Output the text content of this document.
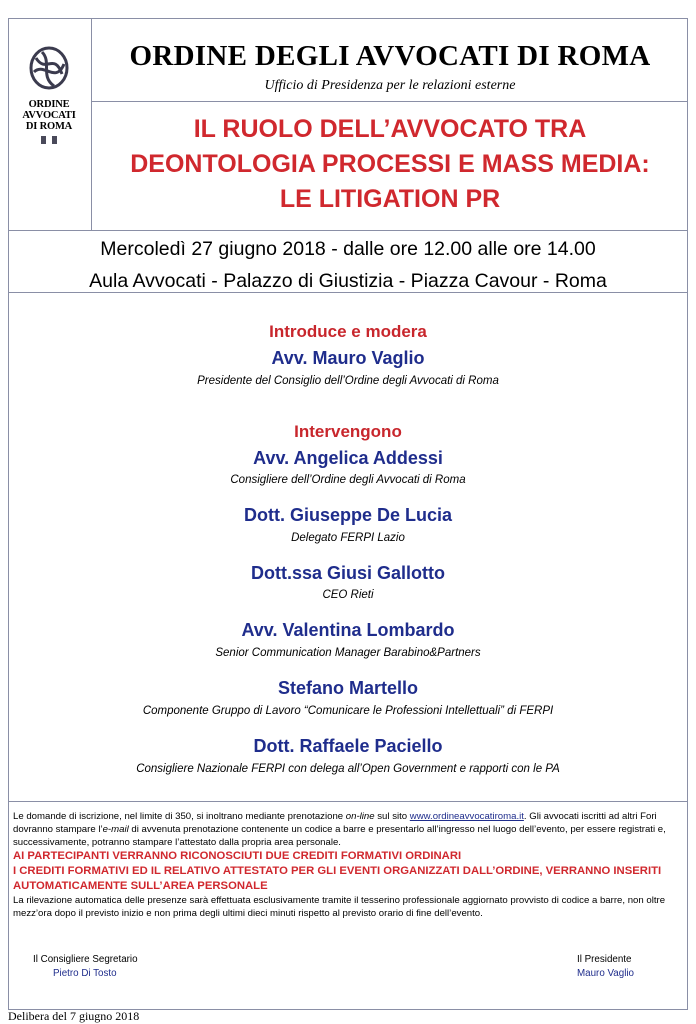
ORDINE
AVVOCATI
DI ROMA
ORDINE DEGLI AVVOCATI DI ROMA
Ufficio di Presidenza per le relazioni esterne
IL RUOLO DELL’AVVOCATO TRA
DEONTOLOGIA PROCESSI E MASS MEDIA:
LE LITIGATION PR
Mercoledì 27 giugno 2018 - dalle ore 12.00 alle ore 14.00
Aula Avvocati - Palazzo di Giustizia - Piazza Cavour - Roma
Introduce e modera
Avv. Mauro Vaglio
Presidente del Consiglio dell’Ordine degli Avvocati di Roma
Intervengono
Avv. Angelica Addessi
Consigliere dell’Ordine degli Avvocati di Roma
Dott. Giuseppe De Lucia
Delegato FERPI Lazio
Dott.ssa Giusi Gallotto
CEO Rieti
Avv. Valentina Lombardo
Senior Communication Manager Barabino&Partners
Stefano Martello
Componente Gruppo di Lavoro “Comunicare le Professioni Intellettuali” di FERPI
Dott. Raffaele Paciello
Consigliere Nazionale FERPI con delega all’Open Government e rapporti con le PA
Le domande di iscrizione, nel limite di 350, si inoltrano mediante prenotazione on-line sul sito www.ordineavvocatiroma.it. Gli avvocati iscritti ad altri Fori dovranno stampare l’e-mail di avvenuta prenotazione contenente un codice a barre e presentarlo all’ingresso nel luogo dell’evento, per essere registrati e, successivamente, potranno stampare l’attestato dalla propria area personale.
AI PARTECIPANTI VERRANNO RICONOSCIUTI DUE CREDITI FORMATIVI ORDINARI
I CREDITI FORMATIVI ED IL RELATIVO ATTESTATO PER GLI EVENTI ORGANIZZATI DALL’ORDINE, VERRANNO INSERITI AUTOMATICAMENTE SULL’AREA PERSONALE
La rilevazione automatica delle presenze sarà effettuata esclusivamente tramite il tesserino professionale aggiornato provvisto di codice a barre, non oltre mezz’ora dopo il previsto inizio e non prima degli ultimi dieci minuti rispetto al previsto orario di fine dell’evento.
Il Consigliere Segretario
Pietro Di Tosto
Il Presidente
Mauro Vaglio
Delibera del 7 giugno 2018
